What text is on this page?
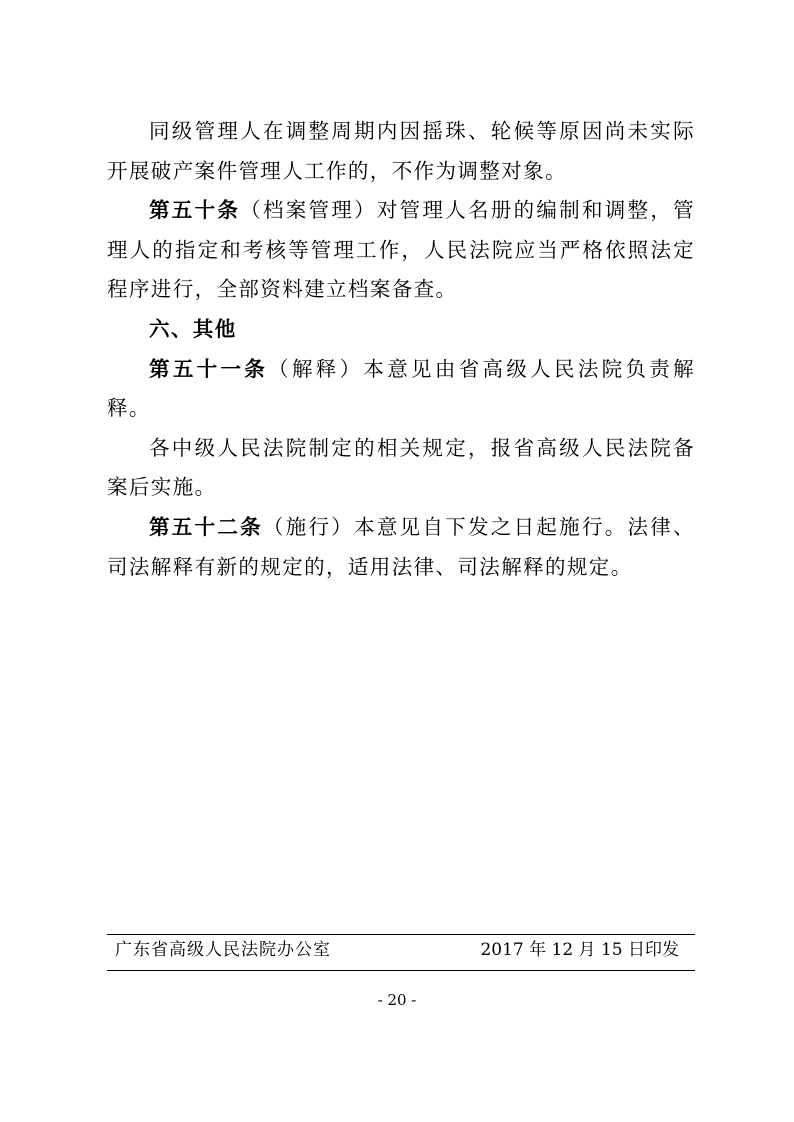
同级管理人在调整周期内因摇珠、轮候等原因尚未实际开展破产案件管理人工作的，不作为调整对象。

第五十条（档案管理）对管理人名册的编制和调整，管理人的指定和考核等管理工作，人民法院应当严格依照法定程序进行，全部资料建立档案备查。

六、其他

第五十一条（解释）本意见由省高级人民法院负责解释。

各中级人民法院制定的相关规定，报省高级人民法院备案后实施。

第五十二条（施行）本意见自下发之日起施行。法律、司法解释有新的规定的，适用法律、司法解释的规定。

广东省高级人民法院办公室	2017 年 12 月 15 日印发
- 20 -
